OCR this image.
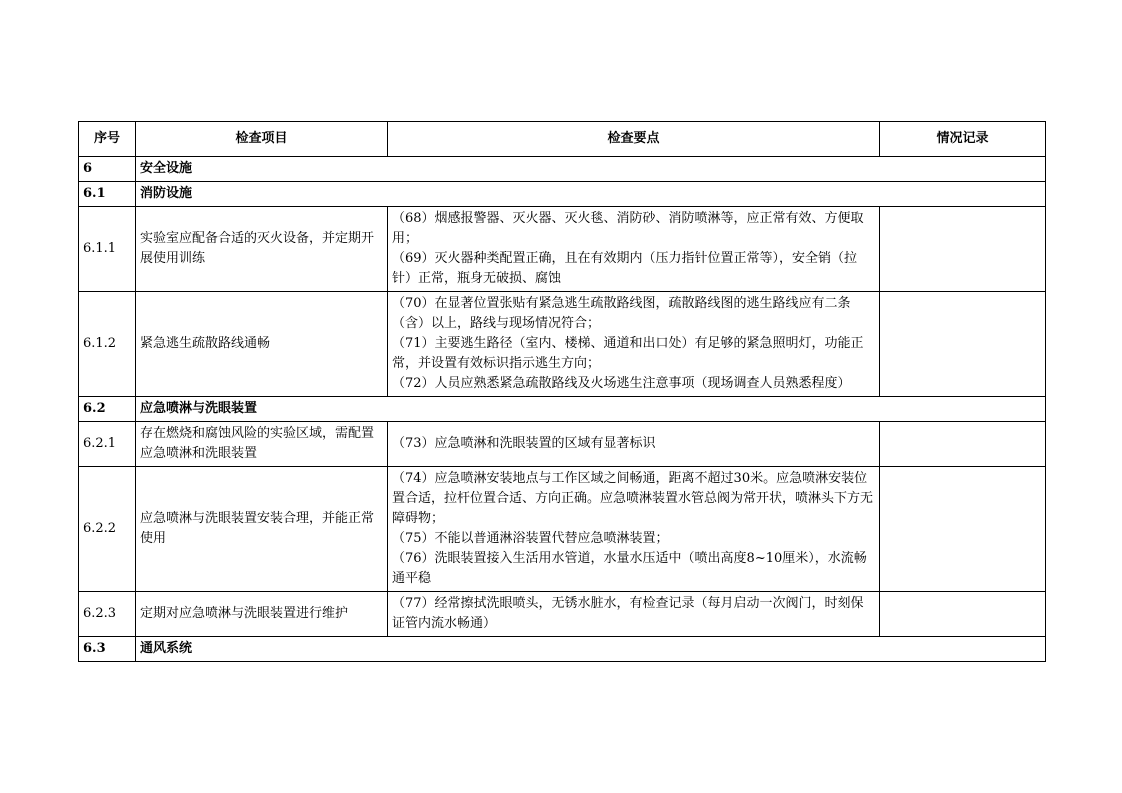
序号	检查项目	检查要点	情况记录
6	安全设施		
6.1	消防设施		
6.1.1	实验室应配备合适的灭火设备，并定期开展使用训练	（68）烟感报警器、灭火器、灭火毯、消防砂、消防喷淋等，应正常有效、方便取用；
（69）灭火器种类配置正确，且在有效期内（压力指针位置正常等），安全销（拉针）正常，瓶身无破损、腐蚀	

6.1.2	紧急逃生疏散路线通畅	（70）在显著位置张贴有紧急逃生疏散路线图，疏散路线图的逃生路线应有二条（含）以上，路线与现场情况符合；
（71）主要逃生路径（室内、楼梯、通道和出口处）有足够的紧急照明灯，功能正常，并设置有效标识指示逃生方向；
（72）人员应熟悉紧急疏散路线及火场逃生注意事项（现场调查人员熟悉程度）	

6.2	应急喷淋与洗眼装置		
6.2.1	存在燃烧和腐蚀风险的实验区域，需配置应急喷淋和洗眼装置	（73）应急喷淋和洗眼装置的区域有显著标识	

6.2.2	应急喷淋与洗眼装置安装合理，并能正常使用	（74）应急喷淋安装地点与工作区域之间畅通，距离不超过30米。应急喷淋安装位置合适，拉杆位置合适、方向正确。应急喷淋装置水管总阀为常开状，喷淋头下方无障碍物；
（75）不能以普通淋浴装置代替应急喷淋装置；
（76）洗眼装置接入生活用水管道，水量水压适中（喷出高度8~10厘米），水流畅通平稳	

6.2.3	定期对应急喷淋与洗眼装置进行维护	（77）经常擦拭洗眼喷头，无锈水脏水，有检查记录（每月启动一次阀门，时刻保证管内流水畅通）	

6.3	通风系统		
